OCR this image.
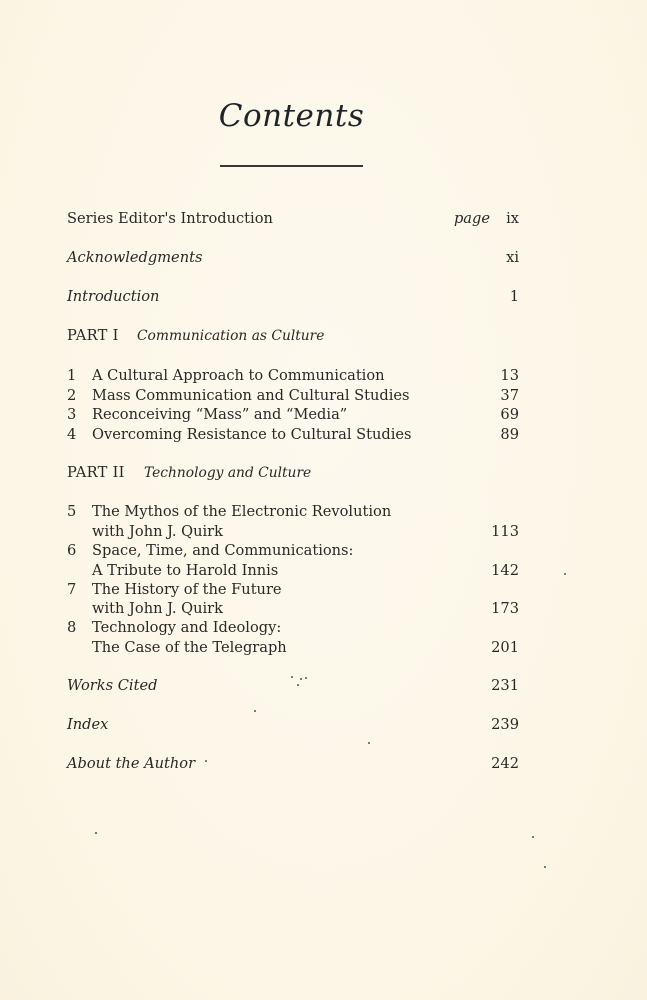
Contents
Series Editor's Introduction	page ix
Acknowledgments	xi
Introduction	1
PART I Communication as Culture
1 A Cultural Approach to Communication	13
2 Mass Communication and Cultural Studies	37
3 Reconceiving “Mass” and “Media”	69
4 Overcoming Resistance to Cultural Studies	89
PART II Technology and Culture
5 The Mythos of the Electronic Revolution
with John J. Quirk	113
6 Space, Time, and Communications:
A Tribute to Harold Innis	142
7 The History of the Future
with John J. Quirk	173
8 Technology and Ideology:
The Case of the Telegraph	201
Works Cited	231
Index	239
About the Author	242
